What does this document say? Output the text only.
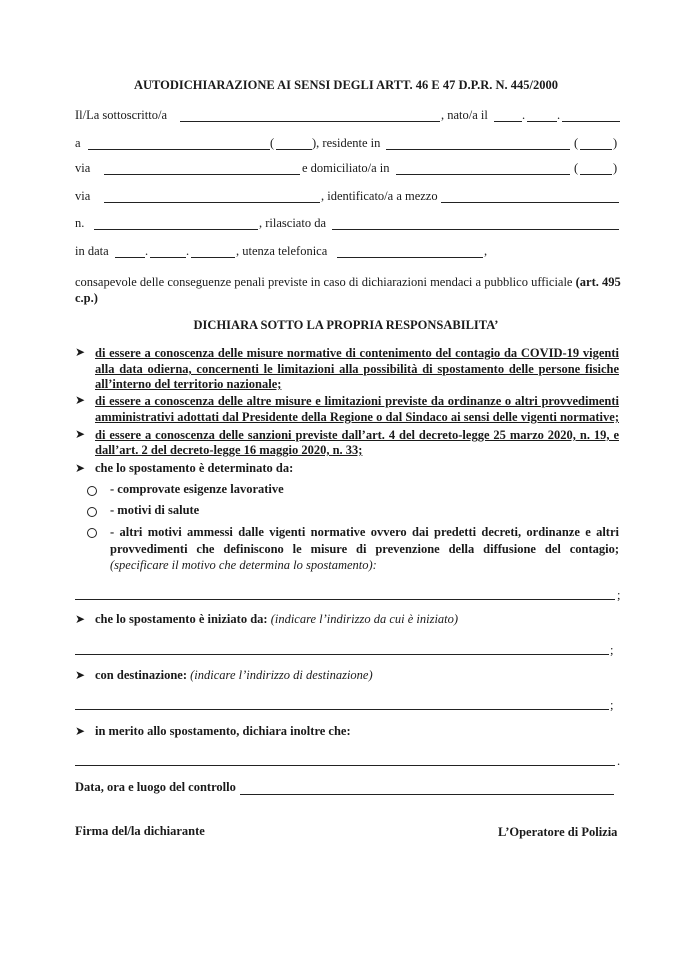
AUTODICHIARAZIONE AI SENSI DEGLI ARTT. 46 E 47 D.P.R. N. 445/2000
Il/La sottoscritto/a	, nato/a il	.	.
a	(	), residente in	(	)
via	e domiciliato/a in	(	)
via	, identificato/a a mezzo
n.	, rilasciato da
in data	.	.	, utenza telefonica	,
consapevole delle conseguenze penali previste in caso di dichiarazioni mendaci a pubblico ufficiale (art. 495
c.p.)
DICHIARA SOTTO LA PROPRIA RESPONSABILITA’
➤ di essere a conoscenza delle misure normative di contenimento del contagio da COVID-19 vigenti
alla data odierna, concernenti le limitazioni alla possibilità di spostamento delle persone fisiche
all’interno del territorio nazionale;
➤ di essere a conoscenza delle altre misure e limitazioni previste da ordinanze o altri provvedimenti
amministrativi adottati dal Presidente della Regione o dal Sindaco ai sensi delle vigenti normative;
➤ di essere a conoscenza delle sanzioni previste dall’art. 4 del decreto-legge 25 marzo 2020, n. 19, e
dall’art. 2 del decreto-legge 16 maggio 2020, n. 33;
➤ che lo spostamento è determinato da:
- comprovate esigenze lavorative
- motivi di salute
- altri motivi ammessi dalle vigenti normative ovvero dai predetti decreti, ordinanze e altri
provvedimenti che definiscono le misure di prevenzione della diffusione del contagio;
(specificare il motivo che determina lo spostamento):
;
➤ che lo spostamento è iniziato da: (indicare l’indirizzo da cui è iniziato)
;
➤ con destinazione: (indicare l’indirizzo di destinazione)
;
➤ in merito allo spostamento, dichiara inoltre che:
.
Data, ora e luogo del controllo
Firma del/la dichiarante	L’Operatore di Polizia
